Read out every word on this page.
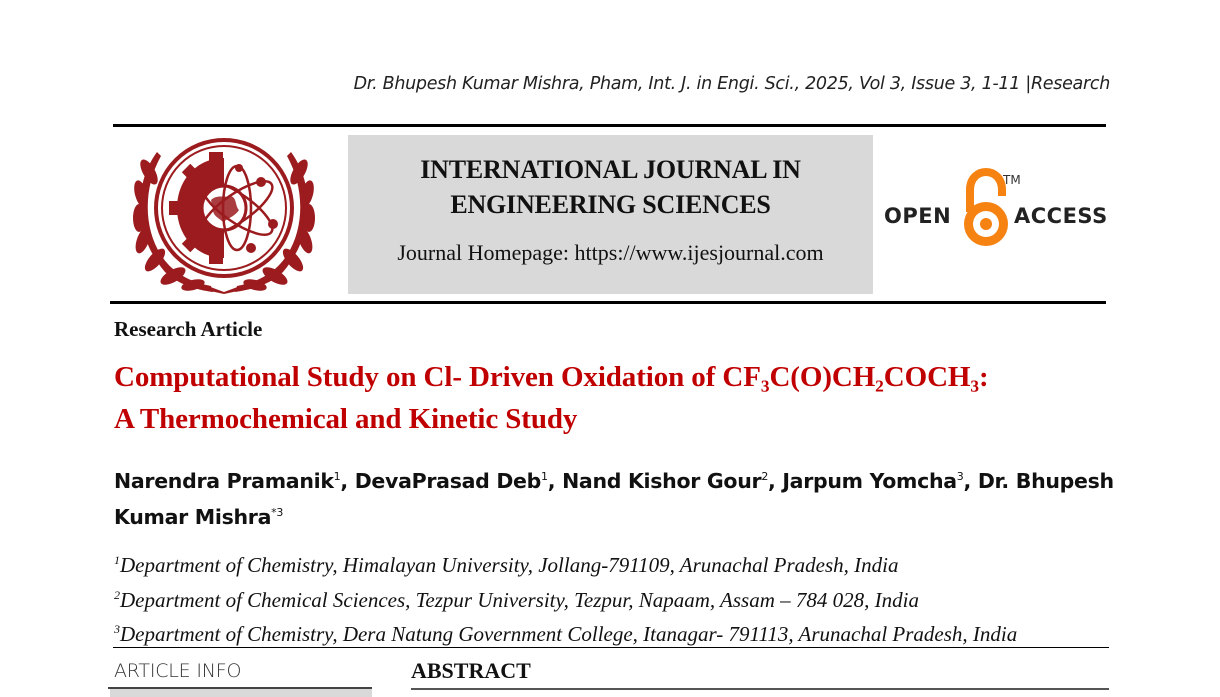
Dr. Bhupesh Kumar Mishra, Pham, Int. J. in Engi. Sci., 2025, Vol 3, Issue 3, 1-11 |Research
INTERNATIONAL JOURNAL IN
ENGINEERING SCIENCES
Journal Homepage: https://www.ijesjournal.com
OPEN
TM
ACCESS
Research Article
Computational Study on Cl- Driven Oxidation of CF₃C(O)CH₂COCH₃:
A Thermochemical and Kinetic Study
Narendra Pramanik$^1$, DevaPrasad Deb$^1$, Nand Kishor Gour$^2$, Jarpum Yomcha$^3$, Dr. Bhupesh Kumar Mishra$^{*3}$
$^1$Department of Chemistry, Himalayan University, Jollang-791109, Arunachal Pradesh, India
$^2$Department of Chemical Sciences, Tezpur University, Tezpur, Napaam, Assam – 784 028, India
$^3$Department of Chemistry, Dera Natung Government College, Itanagar- 791113, Arunachal Pradesh, India
ARTICLE INFO	ABSTRACT
